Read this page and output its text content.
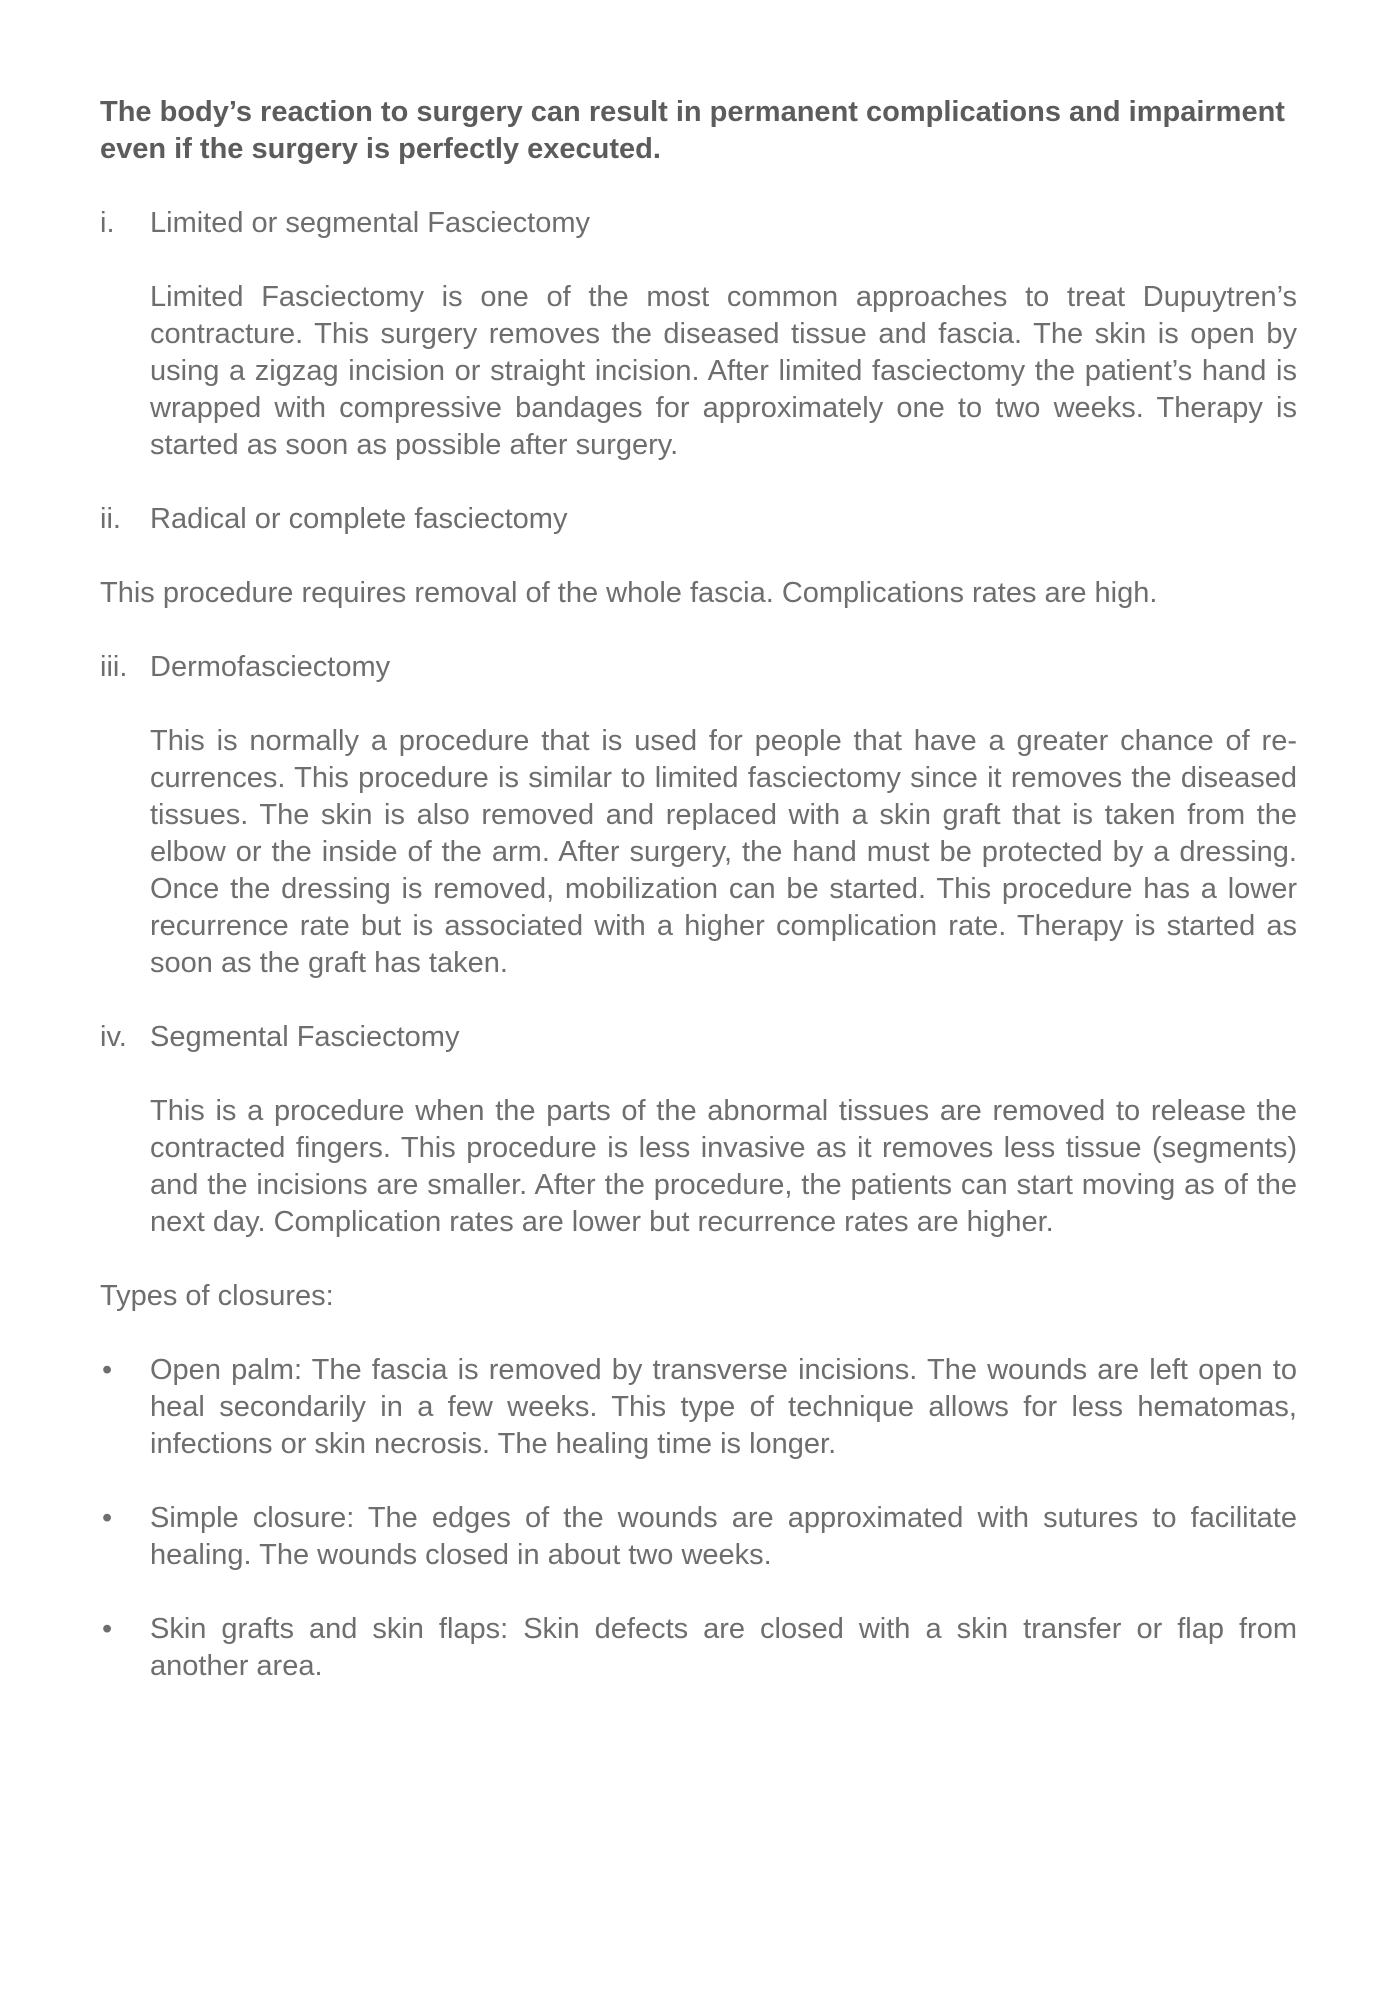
The body’s reaction to surgery can result in permanent complications and impairment even if the surgery is perfectly executed.

i.	Limited or segmental Fasciectomy

Limited Fasciectomy is one of the most common approaches to treat Dupuytren’s contracture. This surgery removes the diseased tissue and fascia. The skin is open by using a zigzag incision or straight incision. After limited fasciectomy the patient’s hand is wrapped with compressive bandages for approximately one to two weeks. Therapy is started as soon as possible after surgery.

ii.	Radical or complete fasciectomy

This procedure requires removal of the whole fascia. Complications rates are high.

iii. Dermofasciectomy

This is normally a procedure that is used for people that have a greater chance of recurrences. This procedure is similar to limited fasciectomy since it removes the diseased tissues. The skin is also removed and replaced with a skin graft that is taken from the elbow or the inside of the arm. After surgery, the hand must be protected by a dressing. Once the dressing is removed, mobilization can be started. This procedure has a lower recurrence rate but is associated with a higher complication rate. Therapy is started as soon as the graft has taken.

iv. Segmental Fasciectomy

This is a procedure when the parts of the abnormal tissues are removed to release the contracted fingers. This procedure is less invasive as it removes less tissue (segments) and the incisions are smaller. After the procedure, the patients can start moving as of the next day. Complication rates are lower but recurrence rates are higher.

Types of closures:

•	Open palm: The fascia is removed by transverse incisions. The wounds are left open to heal secondarily in a few weeks. This type of technique allows for less hematomas, infections or skin necrosis. The healing time is longer.
•	Simple closure: The edges of the wounds are approximated with sutures to facilitate healing. The wounds closed in about two weeks.
•	Skin grafts and skin flaps: Skin defects are closed with a skin transfer or flap from another area.
